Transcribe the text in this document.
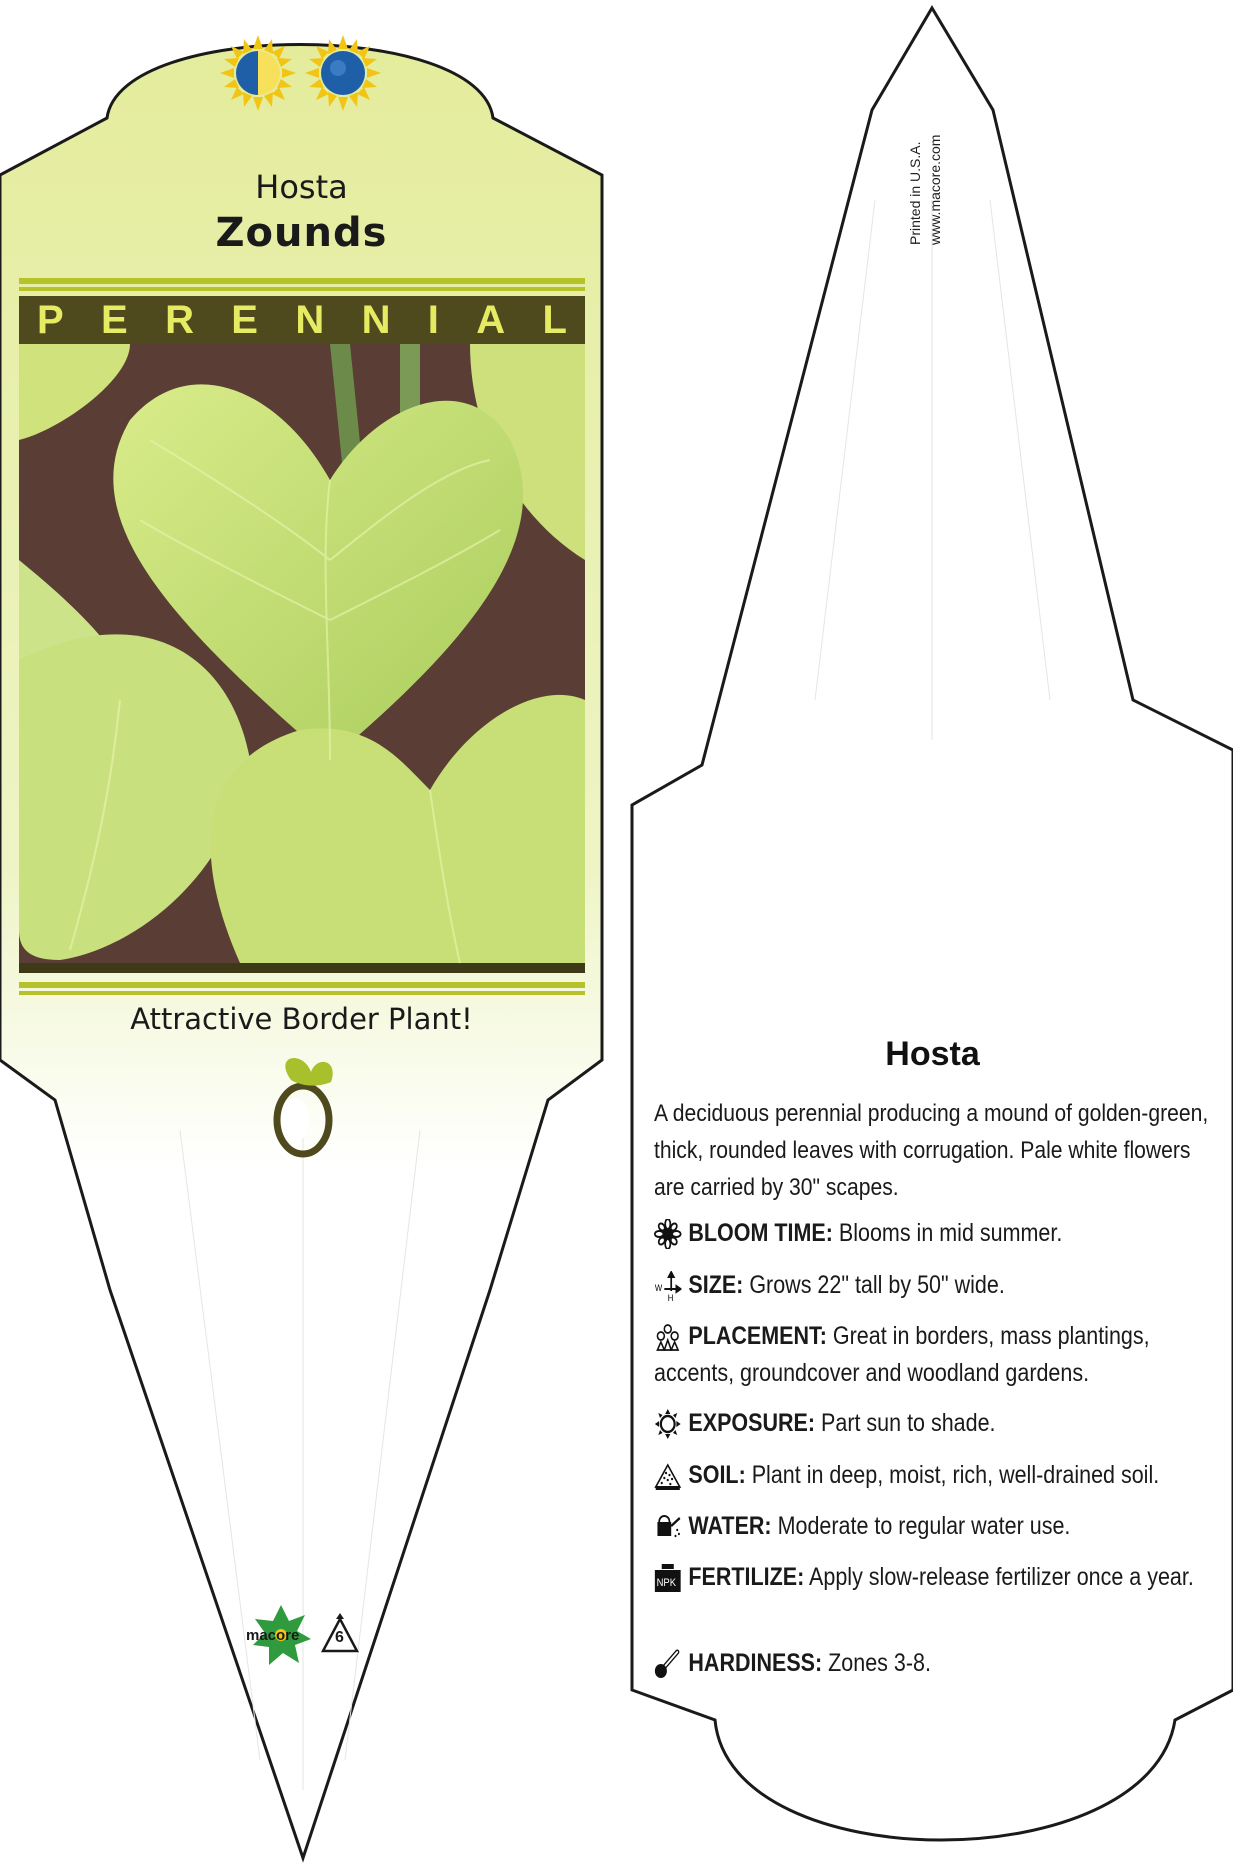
Hosta
Zounds
P E R E N N I A L
Attractive Border Plant!
macore 6
Printed in U.S.A. www.macore.com
Hosta
A deciduous perennial producing a mound of golden-green, thick, rounded leaves with corrugation. Pale white flowers are carried by 30" scapes.
BLOOM TIME: Blooms in mid summer.
W
H SIZE: Grows 22" tall by 50" wide.
PLACEMENT: Great in borders, mass plantings, accents, groundcover and woodland gardens.
EXPOSURE: Part sun to shade.
SOIL: Plant in deep, moist, rich, well-drained soil.
WATER: Moderate to regular water use.
NPK FERTILIZE: Apply slow-release fertilizer once a year.
HARDINESS: Zones 3-8.
